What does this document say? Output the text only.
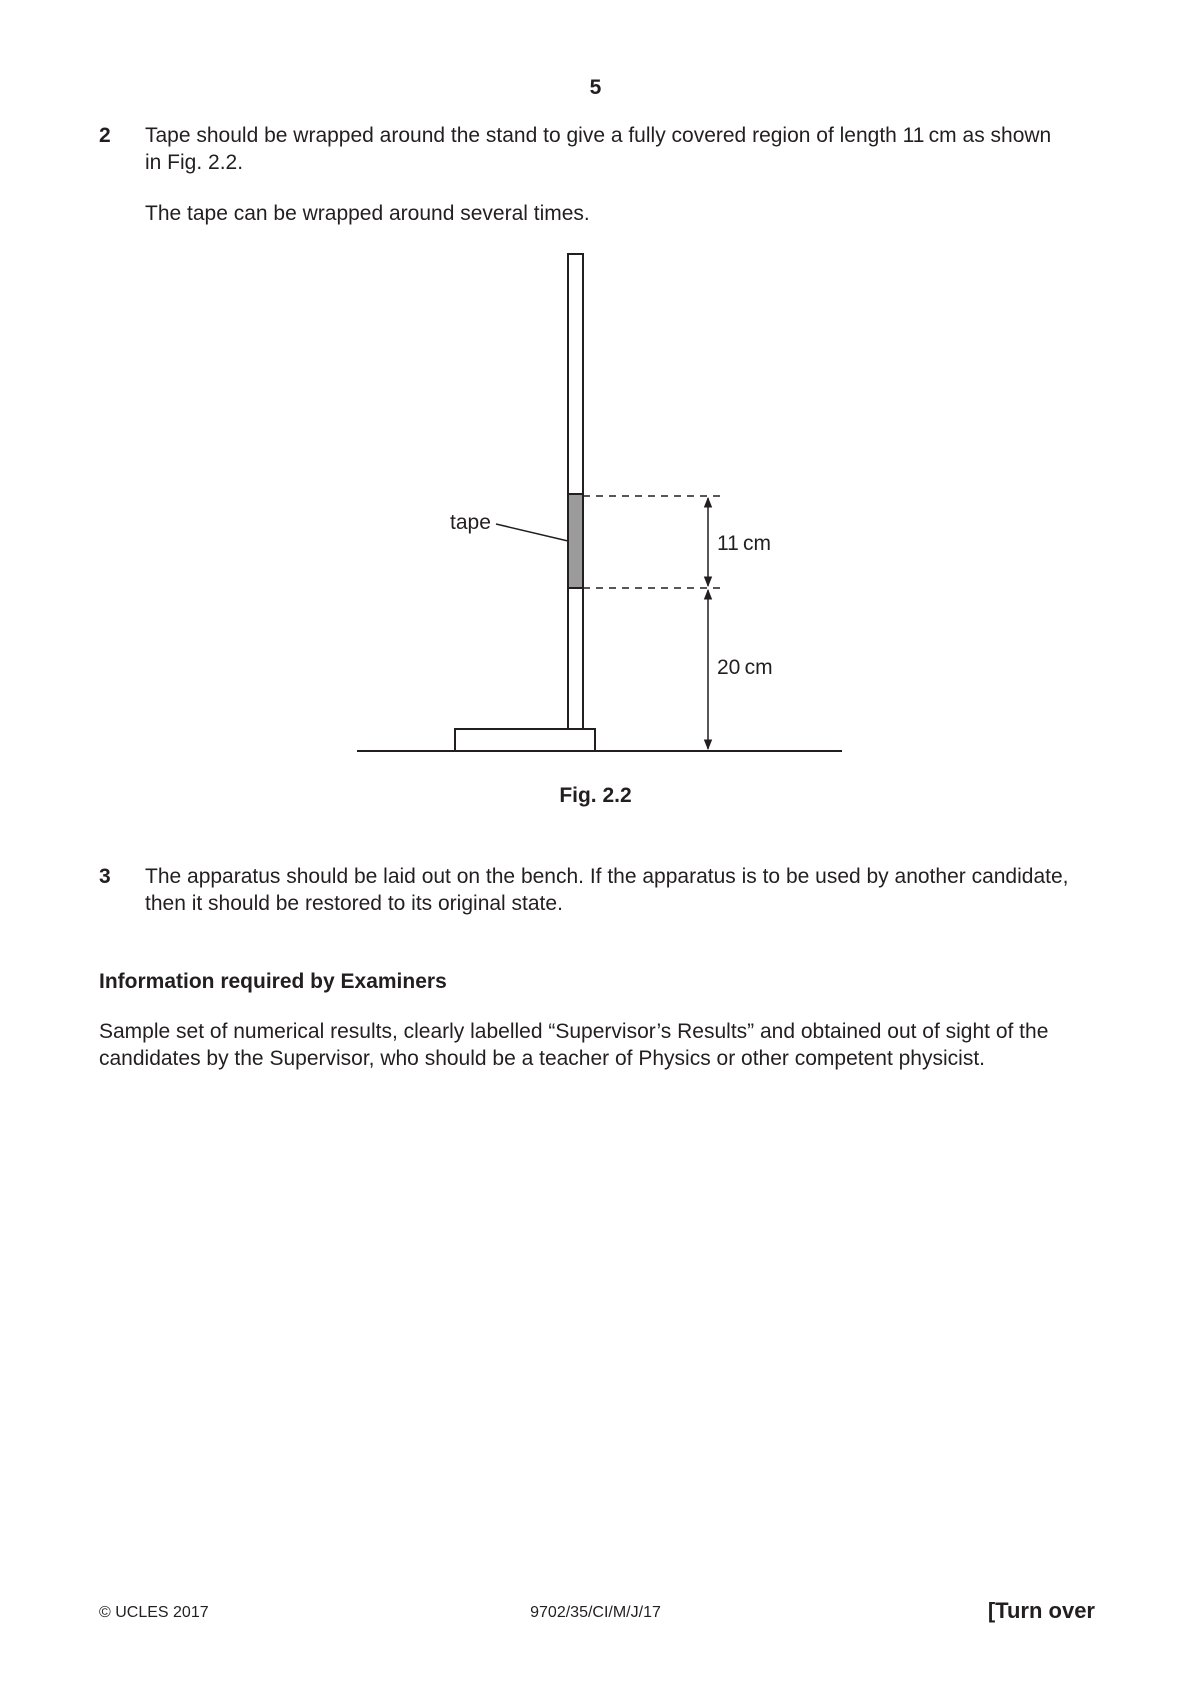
5
2 Tape should be wrapped around the stand to give a fully covered region of length 11 cm as shown
in Fig. 2.2.
The tape can be wrapped around several times.
tape
11 cm
20 cm
Fig. 2.2
3 The apparatus should be laid out on the bench. If the apparatus is to be used by another candidate,
then it should be restored to its original state.
Information required by Examiners
Sample set of numerical results, clearly labelled “Supervisor’s Results” and obtained out of sight of the
candidates by the Supervisor, who should be a teacher of Physics or other competent physicist.
© UCLES 2017	9702/35/CI/M/J/17	[Turn over
